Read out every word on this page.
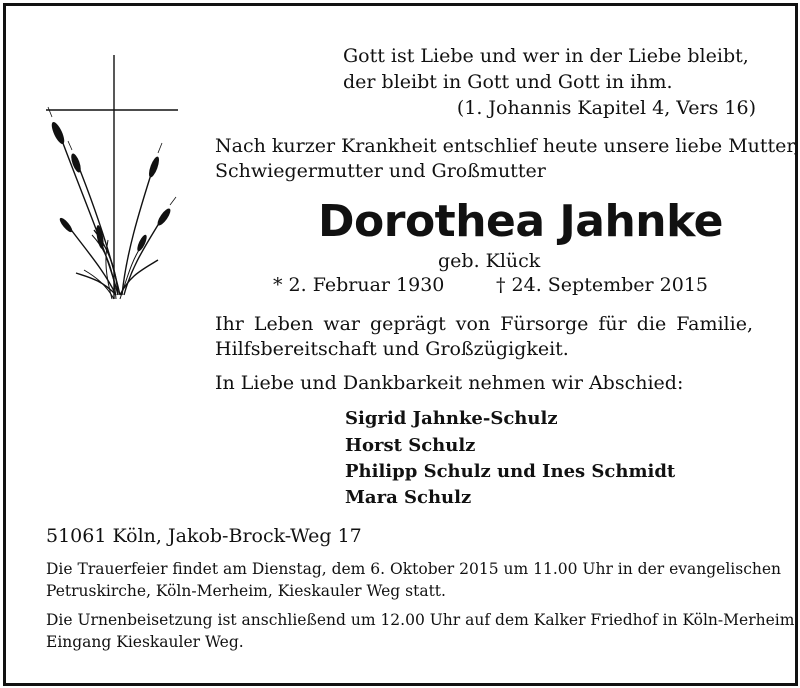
Gott ist Liebe und wer in der Liebe bleibt,
der bleibt in Gott und Gott in ihm.
(1. Johannis Kapitel 4, Vers 16)
Nach kurzer Krankheit entschlief heute unsere liebe Mutter,
Schwiegermutter und Großmutter
Dorothea Jahnke
geb. Klück
* 2. Februar 1930	† 24. September 2015
Ihr Leben war geprägt von Fürsorge für die Familie,
Hilfsbereitschaft und Großzügigkeit.
In Liebe und Dankbarkeit nehmen wir Abschied:
Sigrid Jahnke-Schulz
Horst Schulz
Philipp Schulz und Ines Schmidt
Mara Schulz
51061 Köln, Jakob-Brock-Weg 17
Die Trauerfeier findet am Dienstag, dem 6. Oktober 2015 um 11.00 Uhr in der evangelischen
Petruskirche, Köln-Merheim, Kieskauler Weg statt.
Die Urnenbeisetzung ist anschließend um 12.00 Uhr auf dem Kalker Friedhof in Köln-Merheim,
Eingang Kieskauler Weg.
